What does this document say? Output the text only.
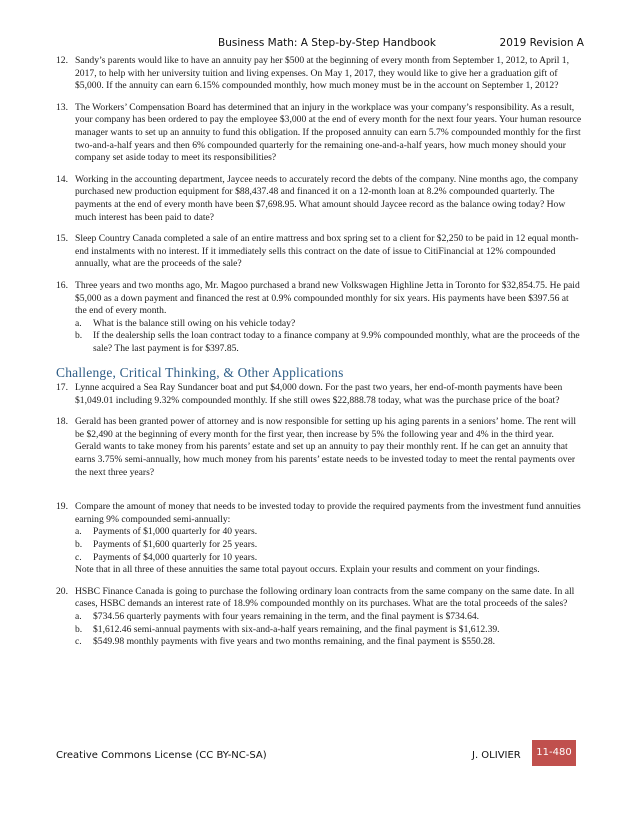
Business Math: A Step-by-Step Handbook	2019 Revision A
12. Sandy’s parents would like to have an annuity pay her $500 at the beginning of every month from September 1, 2012, to April 1, 2017, to help with her university tuition and living expenses. On May 1, 2017, they would like to give her a graduation gift of $5,000. If the annuity can earn 6.15% compounded monthly, how much money must be in the account on September 1, 2012?
13. The Workers’ Compensation Board has determined that an injury in the workplace was your company’s responsibility. As a result, your company has been ordered to pay the employee $3,000 at the end of every month for the next four years. Your human resource manager wants to set up an annuity to fund this obligation. If the proposed annuity can earn 5.7% compounded monthly for the first two-and-a-half years and then 6% compounded quarterly for the remaining one-and-a-half years, how much money should your company set aside today to meet its responsibilities?
14. Working in the accounting department, Jaycee needs to accurately record the debts of the company. Nine months ago, the company purchased new production equipment for $88,437.48 and financed it on a 12-month loan at 8.2% compounded quarterly. The payments at the end of every month have been $7,698.95. What amount should Jaycee record as the balance owing today? How much interest has been paid to date?
15. Sleep Country Canada completed a sale of an entire mattress and box spring set to a client for $2,250 to be paid in 12 equal month-end instalments with no interest. If it immediately sells this contract on the date of issue to CitiFinancial at 12% compounded annually, what are the proceeds of the sale?
16. Three years and two months ago, Mr. Magoo purchased a brand new Volkswagen Highline Jetta in Toronto for $32,854.75. He paid $5,000 as a down payment and financed the rest at 0.9% compounded monthly for six years. His payments have been $397.56 at the end of every month.
a. What is the balance still owing on his vehicle today?
b. If the dealership sells the loan contract today to a finance company at 9.9% compounded monthly, what are the proceeds of the sale? The last payment is for $397.85.
Challenge, Critical Thinking, & Other Applications
17. Lynne acquired a Sea Ray Sundancer boat and put $4,000 down. For the past two years, her end-of-month payments have been $1,049.01 including 9.32% compounded monthly. If she still owes $22,888.78 today, what was the purchase price of the boat?
18. Gerald has been granted power of attorney and is now responsible for setting up his aging parents in a seniors’ home. The rent will be $2,490 at the beginning of every month for the first year, then increase by 5% the following year and 4% in the third year. Gerald wants to take money from his parents’ estate and set up an annuity to pay their monthly rent. If he can get an annuity that earns 3.75% semi-annually, how much money from his parents’ estate needs to be invested today to meet the rental payments over the next three years?
19. Compare the amount of money that needs to be invested today to provide the required payments from the investment fund annuities earning 9% compounded semi-annually:
a. Payments of $1,000 quarterly for 40 years.
b. Payments of $1,600 quarterly for 25 years.
c. Payments of $4,000 quarterly for 10 years.
Note that in all three of these annuities the same total payout occurs. Explain your results and comment on your findings.
20. HSBC Finance Canada is going to purchase the following ordinary loan contracts from the same company on the same date. In all cases, HSBC demands an interest rate of 18.9% compounded monthly on its purchases. What are the total proceeds of the sales?
a. $734.56 quarterly payments with four years remaining in the term, and the final payment is $734.64.
b. $1,612.46 semi-annual payments with six-and-a-half years remaining, and the final payment is $1,612.39.
c. $549.98 monthly payments with five years and two months remaining, and the final payment is $550.28.
Creative Commons License (CC BY-NC-SA)	J. OLIVIER	11-480
